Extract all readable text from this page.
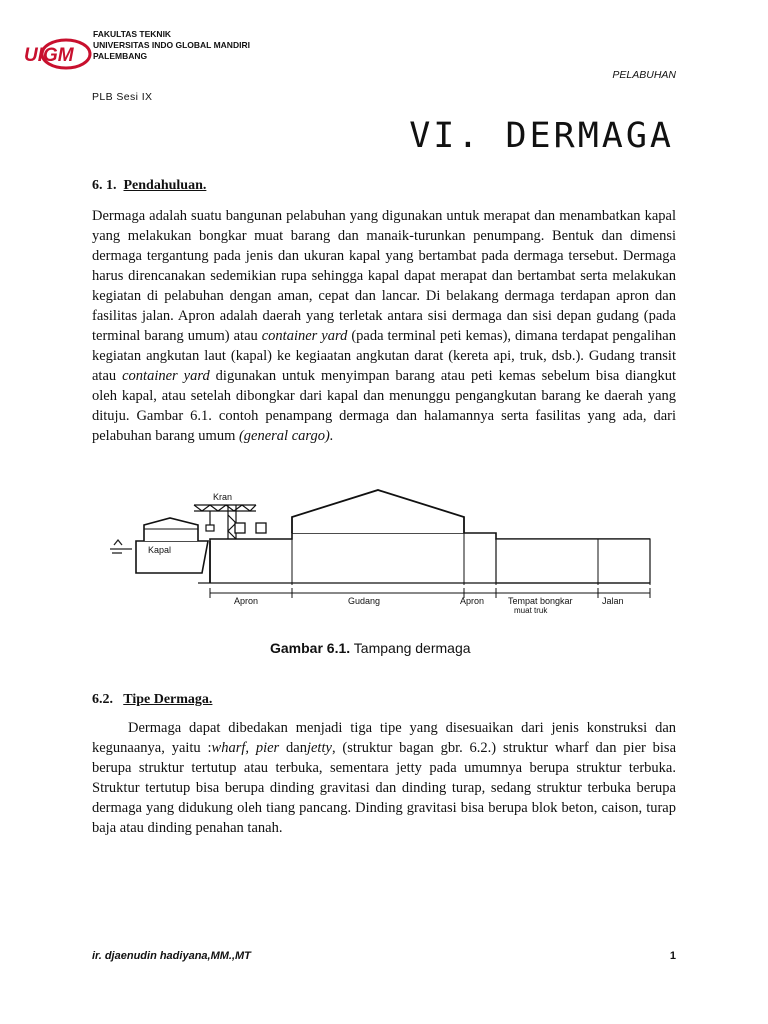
UIGM
FAKULTAS TEKNIK
UNIVERSITAS INDO GLOBAL MANDIRI
PALEMBANG
PELABUHAN
PLB Sesi IX
VI. DERMAGA
6. 1. Pendahuluan.

Dermaga adalah suatu bangunan pelabuhan yang digunakan untuk merapat dan menambatkan kapal yang melakukan bongkar muat barang dan manaik-turunkan penumpang. Bentuk dan dimensi dermaga tergantung pada jenis dan ukuran kapal yang bertambat pada dermaga tersebut. Dermaga harus direncanakan sedemikian rupa sehingga kapal dapat merapat dan bertambat serta melakukan kegiatan di pelabuhan dengan aman, cepat dan lancar. Di belakang dermaga terdapan apron dan fasilitas jalan. Apron adalah daerah yang terletak antara sisi dermaga dan sisi depan gudang (pada terminal barang umum) atau container yard (pada terminal peti kemas), dimana terdapat pengalihan kegiatan angkutan laut (kapal) ke kegiaatan angkutan darat (kereta api, truk, dsb.). Gudang transit atau container yard digunakan untuk menyimpan barang atau peti kemas sebelum bisa diangkut oleh kapal, atau setelah dibongkar dari kapal dan menunggu pengangkutan barang ke daerah yang dituju. Gambar 6.1. contoh penampang dermaga dan halamannya serta fasilitas yang ada, dari pelabuhan barang umum (general cargo).

Kapal
Kran
Apron	Gudang	Apron	Tempat bongkar
muat truk
Jalan
Gambar 6.1. Tampang dermaga
6.2. Tipe Dermaga.

Dermaga dapat dibedakan menjadi tiga tipe yang disesuaikan dari jenis konstruksi dan kegunaanya, yaitu :wharf, pier danjetty, (struktur bagan gbr. 6.2.) struktur wharf dan pier bisa berupa struktur tertutup atau terbuka, sementara jetty pada umumnya berupa struktur terbuka. Struktur tertutup bisa berupa dinding gravitasi dan dinding turap, sedang struktur terbuka berupa dermaga yang didukung oleh tiang pancang. Dinding gravitasi bisa berupa blok beton, caison, turap baja atau dinding penahan tanah.

ir. djaenudin hadiyana,MM.,MT	1
